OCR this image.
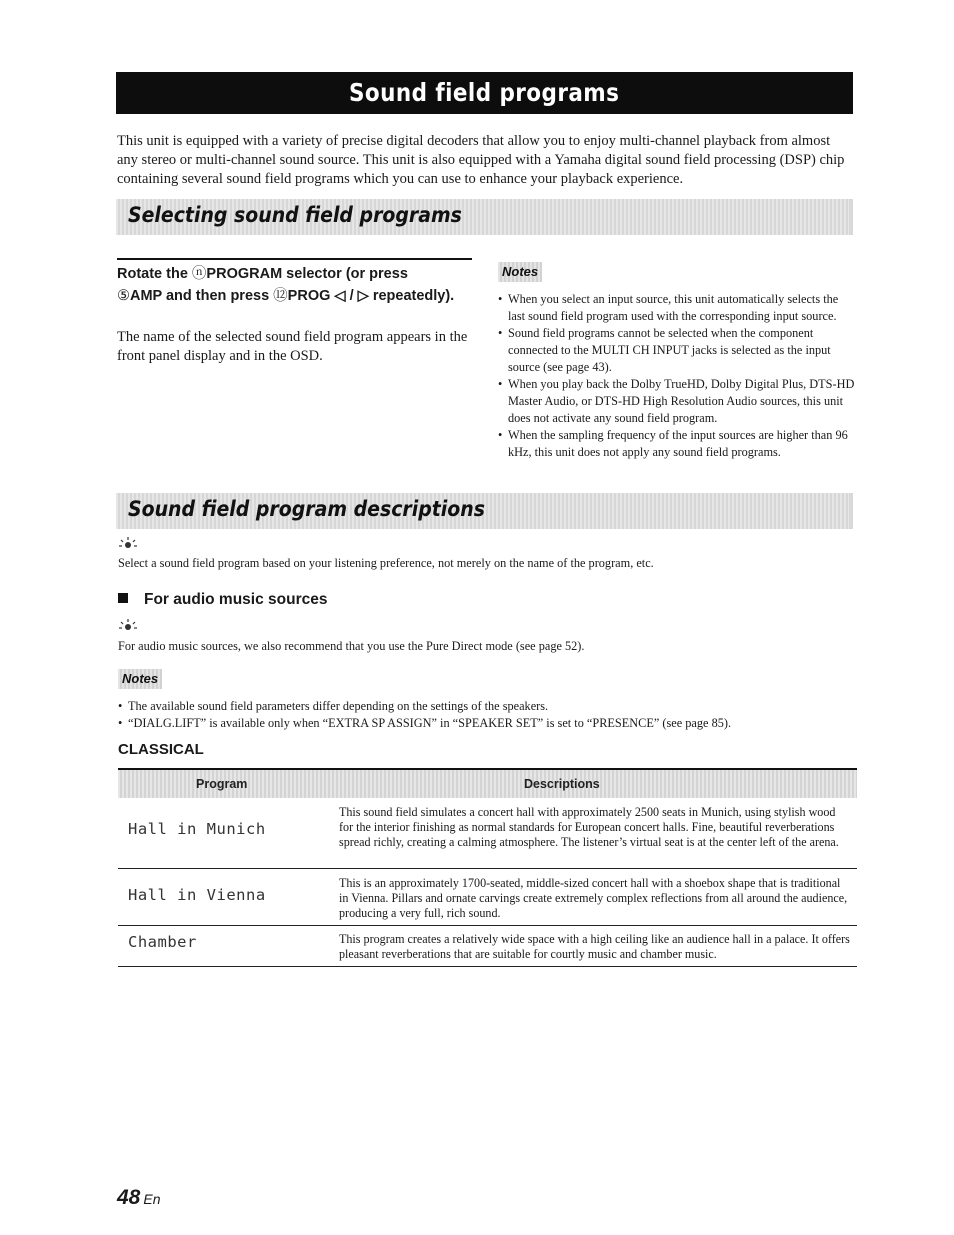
Sound field programs

This unit is equipped with a variety of precise digital decoders that allow you to enjoy multi-channel playback from almost any stereo or multi-channel sound source. This unit is also equipped with a Yamaha digital sound field processing (DSP) chip containing several sound field programs which you can use to enhance your playback experience.

Selecting sound field programs
Rotate the ⓝPROGRAM selector (or press
⑤AMP and then press ⑫PROG ◁ / ▷ repeatedly).

The name of the selected sound field program appears in the front panel display and in the OSD.

Notes
• When you select an input source, this unit automatically selects the last sound field program used with the corresponding input source.
• Sound field programs cannot be selected when the component connected to the MULTI CH INPUT jacks is selected as the input source (see page 43).
• When you play back the Dolby TrueHD, Dolby Digital Plus, DTS-HD Master Audio, or DTS-HD High Resolution Audio sources, this unit does not activate any sound field program.
• When the sampling frequency of the input sources are higher than 96 kHz, this unit does not apply any sound field programs.
Sound field program descriptions

Select a sound field program based on your listening preference, not merely on the name of the program, etc.

For audio music sources

For audio music sources, we also recommend that you use the Pure Direct mode (see page 52).

Notes
• The available sound field parameters differ depending on the settings of the speakers.
• “DIALG.LIFT” is available only when “EXTRA SP ASSIGN” in “SPEAKER SET” is set to “PRESENCE” (see page 85).
CLASSICAL
Program	Descriptions
Hall in Munich

This sound field simulates a concert hall with approximately 2500 seats in Munich, using stylish wood for the interior finishing as normal standards for European concert halls. Fine, beautiful reverberations spread richly, creating a calming atmosphere. The listener’s virtual seat is at the center left of the arena.

Hall in Vienna

This is an approximately 1700-seated, middle-sized concert hall with a shoebox shape that is traditional in Vienna. Pillars and ornate carvings create extremely complex reflections from all around the audience, producing a very full, rich sound.

Chamber	This program creates a relatively wide space with a high ceiling like an audience hall in a palace. It offers pleasant reverberations that are suitable for courtly music and chamber music.

48 En
